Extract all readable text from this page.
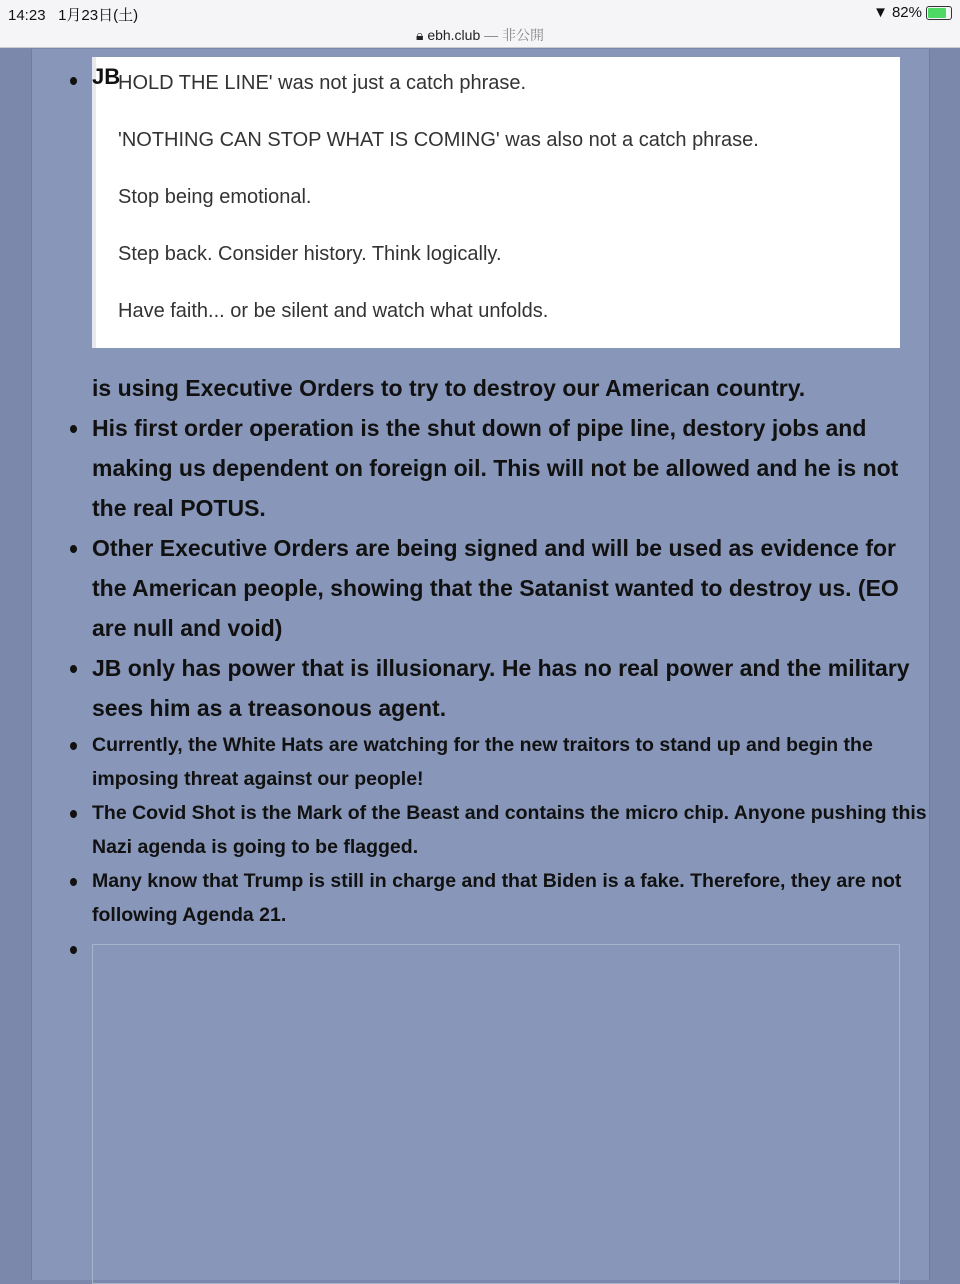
14:23 1月23日(土)	▼ 82%
🔒︎ ebh.club — 非公開

HOLD THE LINE' was not just a catch phrase.

'NOTHING CAN STOP WHAT IS COMING' was also not a catch phrase.

Stop being emotional.

Step back. Consider history. Think logically.

Have faith... or be silent and watch what unfolds.

JB
is using Executive Orders to try to destroy our American country.
His first order operation is the shut down of pipe line, destory jobs and making us dependent on foreign oil. This will not be allowed and he is not the real POTUS.
Other Executive Orders are being signed and will be used as evidence for the American people, showing that the Satanist wanted to destroy us. (EO are null and void)
JB only has power that is illusionary. He has no real power and the military sees him as a treasonous agent.
Currently, the White Hats are watching for the new traitors to stand up and begin the imposing threat against our people!
The Covid Shot is the Mark of the Beast and contains the micro chip. Anyone pushing this Nazi agenda is going to be flagged.
Many know that Trump is still in charge and that Biden is a fake. Therefore, they are not following Agenda 21.
